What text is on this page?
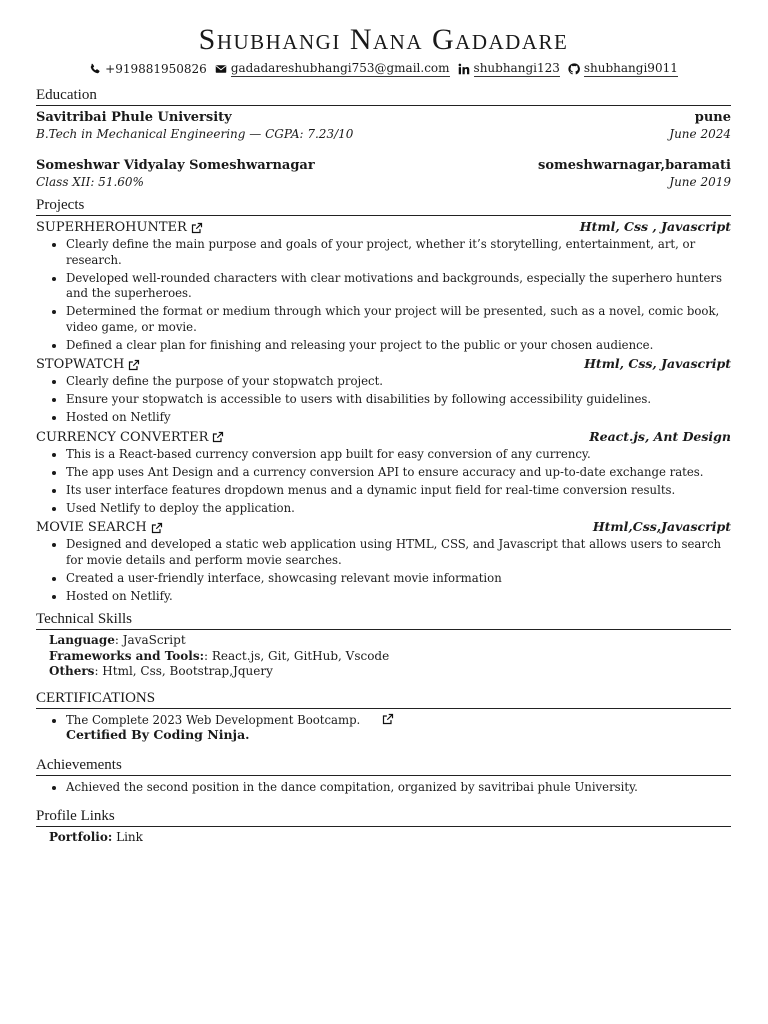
Shubhangi Nana Gadadare
+919881950826 gadadareshubhangi753@gmail.com shubhangi123 shubhangi9011
Education
Savitribai Phule University	pune
B.Tech in Mechanical Engineering — CGPA: 7.23/10	June 2024
Someshwar Vidyalay Someshwarnagar	someshwarnagar,baramati
Class XII: 51.60%	June 2019
Projects
SUPERHEROHUNTER	Html, Css , Javascript
• Clearly define the main purpose and goals of your project, whether it’s storytelling, entertainment, art, or research.
• Developed well-rounded characters with clear motivations and backgrounds, especially the superhero hunters and the superheroes.
• Determined the format or medium through which your project will be presented, such as a novel, comic book, video game, or movie.
• Defined a clear plan for finishing and releasing your project to the public or your chosen audience.
STOPWATCH	Html, Css, Javascript
• Clearly define the purpose of your stopwatch project.
• Ensure your stopwatch is accessible to users with disabilities by following accessibility guidelines.
• Hosted on Netlify
CURRENCY CONVERTER	React.js, Ant Design
• This is a React-based currency conversion app built for easy conversion of any currency.
• The app uses Ant Design and a currency conversion API to ensure accuracy and up-to-date exchange rates.
• Its user interface features dropdown menus and a dynamic input field for real-time conversion results.
• Used Netlify to deploy the application.
MOVIE SEARCH	Html,Css,Javascript
• Designed and developed a static web application using HTML, CSS, and Javascript that allows users to search for movie details and perform movie searches.
• Created a user-friendly interface, showcasing relevant movie information
• Hosted on Netlify.
Technical Skills
Language: JavaScript
Frameworks and Tools:: React.js, Git, GitHub, Vscode
Others: Html, Css, Bootstrap,Jquery
CERTIFICATIONS
• The Complete 2023 Web Development Bootcamp.
Certified By Coding Ninja.
Achievements
• Achieved the second position in the dance compitation, organized by savitribai phule University.
Profile Links
Portfolio: Link
